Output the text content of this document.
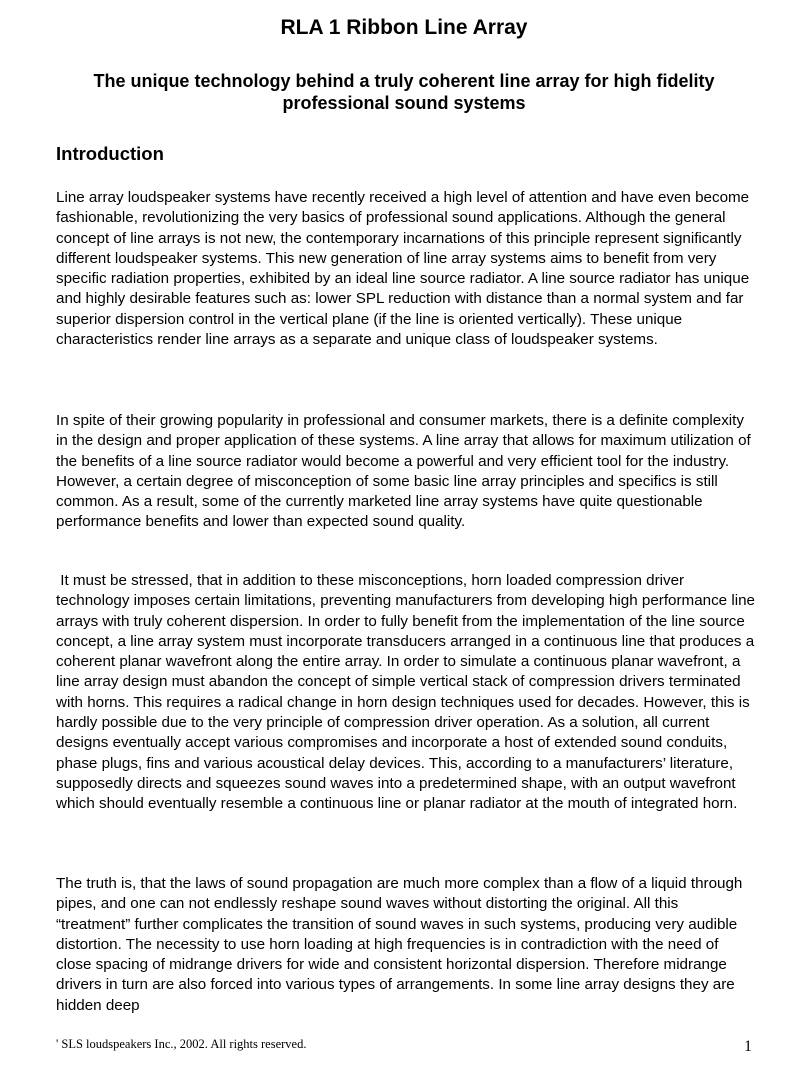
RLA 1 Ribbon Line Array
The unique technology behind a truly coherent line array for high fidelity professional sound systems
Introduction

Line array loudspeaker systems have recently received a high level of attention and have even become fashionable, revolutionizing the very basics of professional sound applications. Although the general concept of line arrays is not new, the contemporary incarnations of this principle represent significantly different loudspeaker systems. This new generation of line array systems aims to benefit from very specific radiation properties, exhibited by an ideal line source radiator. A line source radiator has unique and highly desirable features such as: lower SPL reduction with distance than a normal system and far superior dispersion control in the vertical plane (if the line is oriented vertically). These unique characteristics render line arrays as a separate and unique class of loudspeaker systems.

In spite of their growing popularity in professional and consumer markets, there is a definite complexity in the design and proper application of these systems. A line array that allows for maximum utilization of the benefits of a line source radiator would become a powerful and very efficient tool for the industry. However, a certain degree of misconception of some basic line array principles and specifics is still common. As a result, some of the currently marketed line array systems have quite questionable performance benefits and lower than expected sound quality.

It must be stressed, that in addition to these misconceptions, horn loaded compression driver technology imposes certain limitations, preventing manufacturers from developing high performance line arrays with truly coherent dispersion. In order to fully benefit from the implementation of the line source concept, a line array system must incorporate transducers arranged in a continuous line that produces a coherent planar wavefront along the entire array. In order to simulate a continuous planar wavefront, a line array design must abandon the concept of simple vertical stack of compression drivers terminated with horns. This requires a radical change in horn design techniques used for decades. However, this is hardly possible due to the very principle of compression driver operation. As a solution, all current designs eventually accept various compromises and incorporate a host of extended sound conduits, phase plugs, fins and various acoustical delay devices. This, according to a manufacturers’ literature, supposedly directs and squeezes sound waves into a predetermined shape, with an output wavefront which should eventually resemble a continuous line or planar radiator at the mouth of integrated horn.

The truth is, that the laws of sound propagation are much more complex than a flow of a liquid through pipes, and one can not endlessly reshape sound waves without distorting the original. All this “treatment” further complicates the transition of sound waves in such systems, producing very audible distortion. The necessity to use horn loading at high frequencies is in contradiction with the need of close spacing of midrange drivers for wide and consistent horizontal dispersion. Therefore midrange drivers in turn are also forced into various types of arrangements. In some line array designs they are hidden deep

' SLS loudspeakers Inc., 2002. All rights reserved.	1
